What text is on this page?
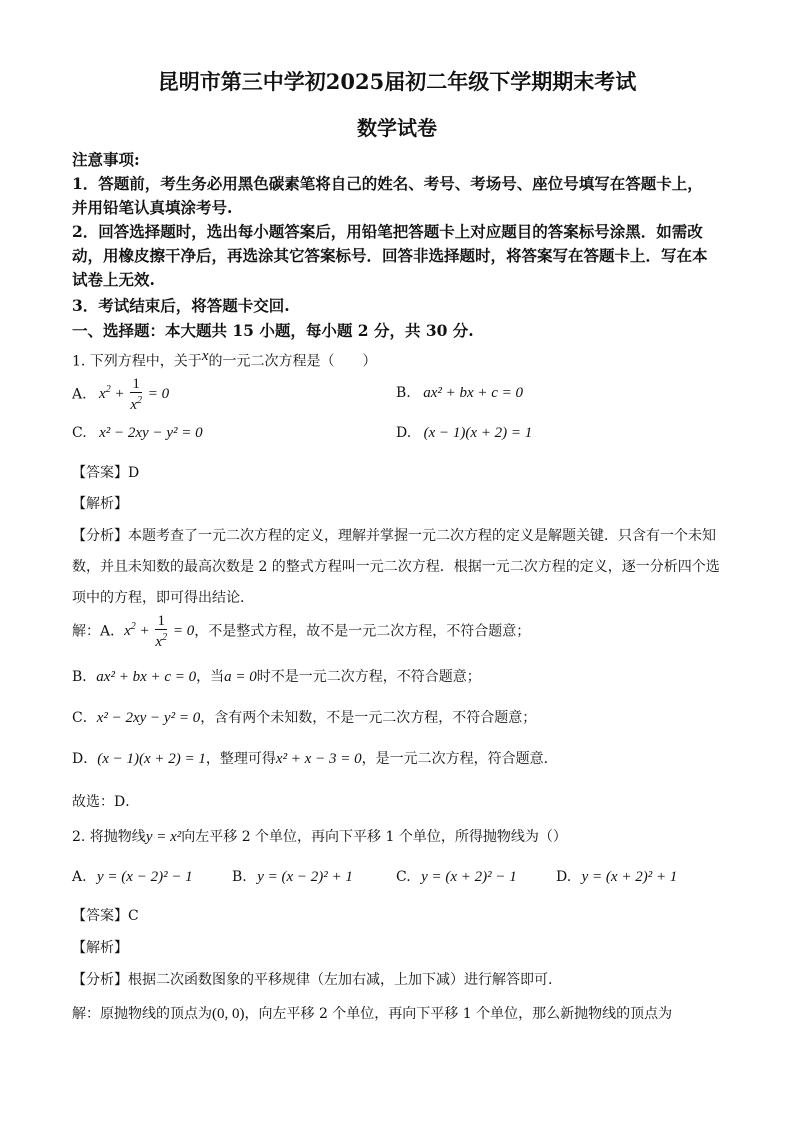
昆明市第三中学初2025届初二年级下学期期末考试
数学试卷
注意事项:
1．答题前，考生务必用黑色碳素笔将自己的姓名、考号、考场号、座位号填写在答题卡上，
并用铅笔认真填涂考号.
2．回答选择题时，选出每小题答案后，用铅笔把答题卡上对应题目的答案标号涂黑．如需改
动，用橡皮擦干净后，再选涂其它答案标号．回答非选择题时，将答案写在答题卡上．写在本
试卷上无效.
3．考试结束后，将答题卡交回.
一、选择题：本大题共 15 小题，每小题 2 分，共 30 分.
1. 下列方程中，关于$^x$的一元二次方程是（　　）
A. $x^2 + \frac{1}{x^2} = 0$	B. ax² + bx + c = 0
C. x² − 2xy − y² = 0	D. (x − 1)(x + 2) = 1
【答案】D
【解析】
【分析】本题考查了一元二次方程的定义，理解并掌握一元二次方程的定义是解题关键．只含有一个未知
数，并且未知数的最高次数是 2 的整式方程叫一元二次方程．根据一元二次方程的定义，逐一分析四个选
项中的方程，即可得出结论.
解：A．$x^2 + \frac{1}{x^2} = 0$，不是整式方程，故不是一元二次方程，不符合题意；
B．ax² + bx + c = 0，当a = 0时不是一元二次方程，不符合题意；
C．x² − 2xy − y² = 0，含有两个未知数，不是一元二次方程，不符合题意；
D．(x − 1)(x + 2) = 1，整理可得x² + x − 3 = 0，是一元二次方程，符合题意.
故选：D．
2. 将抛物线y = x²向左平移 2 个单位，再向下平移 1 个单位，所得抛物线为（）
A. y = (x − 2)² − 1	B. y = (x − 2)² + 1	C. y = (x + 2)² − 1	D. y = (x + 2)² + 1
【答案】C
【解析】
【分析】根据二次函数图象的平移规律（左加右减，上加下减）进行解答即可.
解：原抛物线的顶点为(0, 0)，向左平移 2 个单位，再向下平移 1 个单位，那么新抛物线的顶点为
